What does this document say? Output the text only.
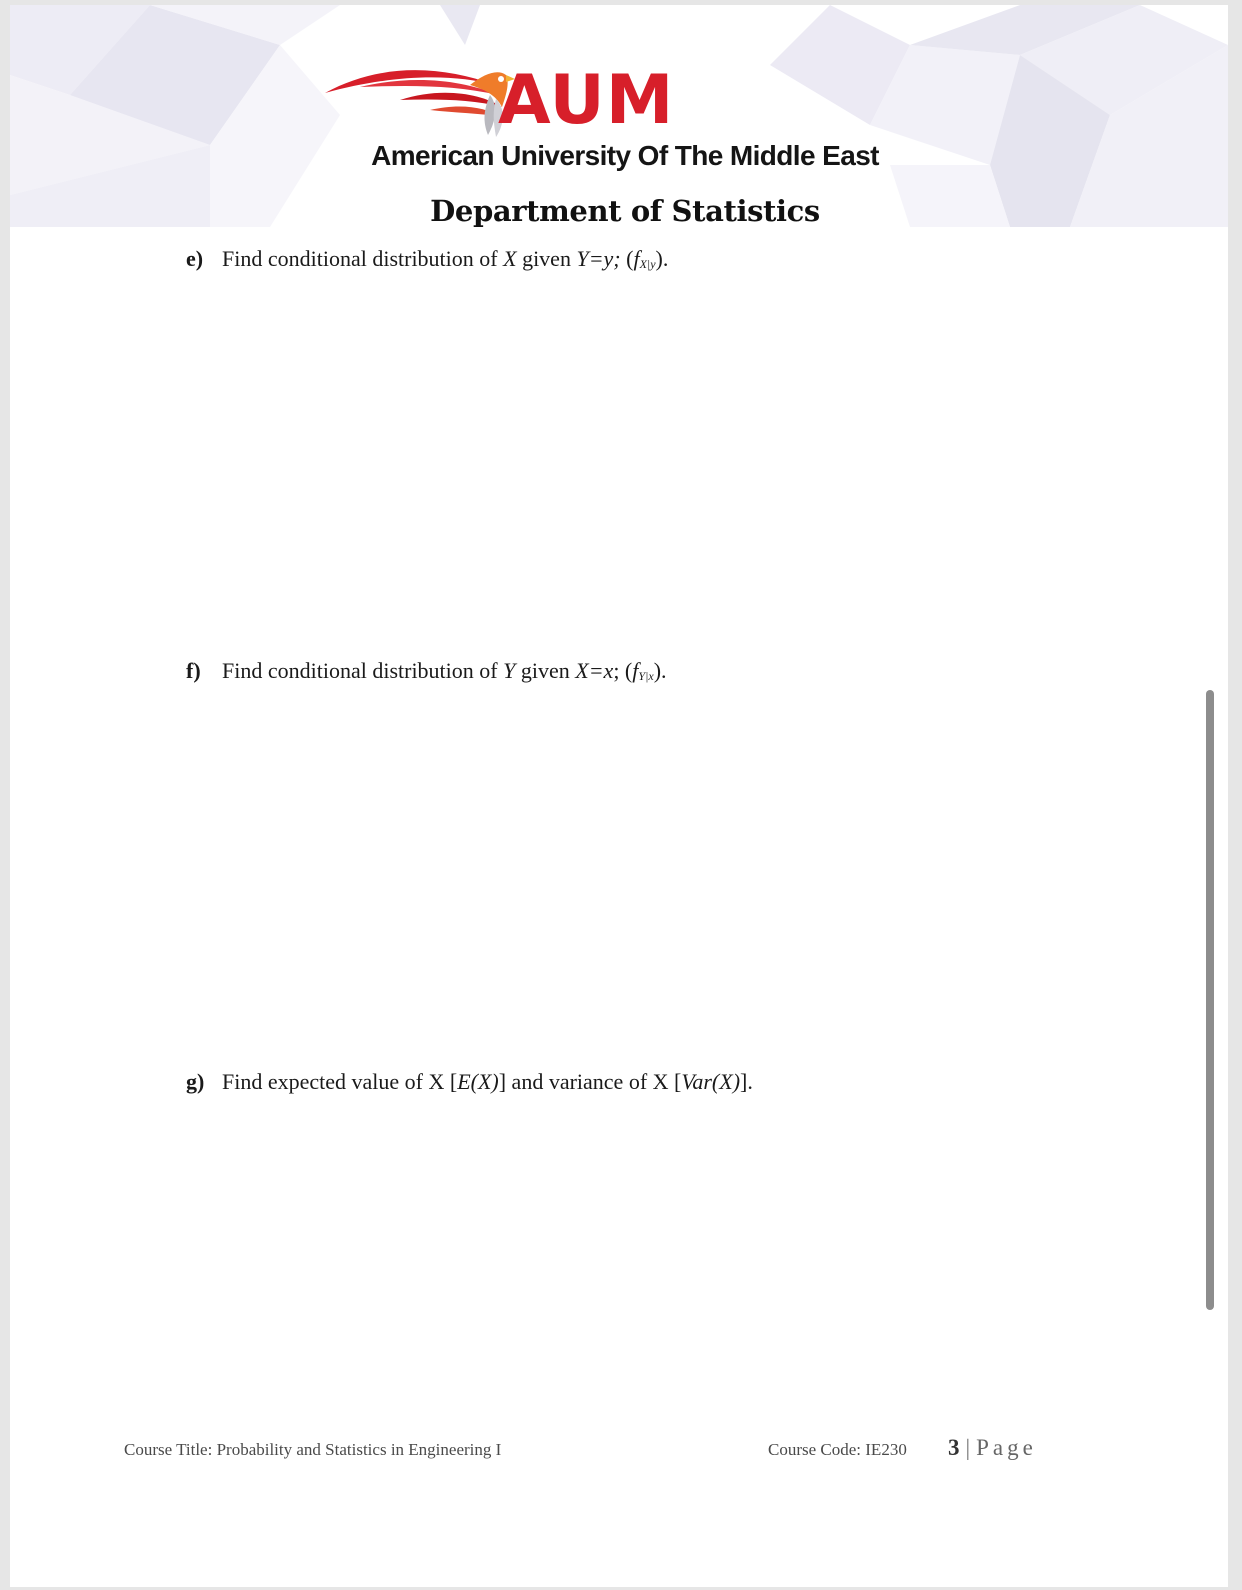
AUM
American University Of The Middle East
Department of Statistics
e) Find conditional distribution of X given Y=y; (fX|y).
f) Find conditional distribution of Y given X=x; (fY|x).
g) Find expected value of X [E(X)] and variance of X [Var(X)].
Course Title: Probability and Statistics in Engineering I	Course Code: IE230 3 | Page
